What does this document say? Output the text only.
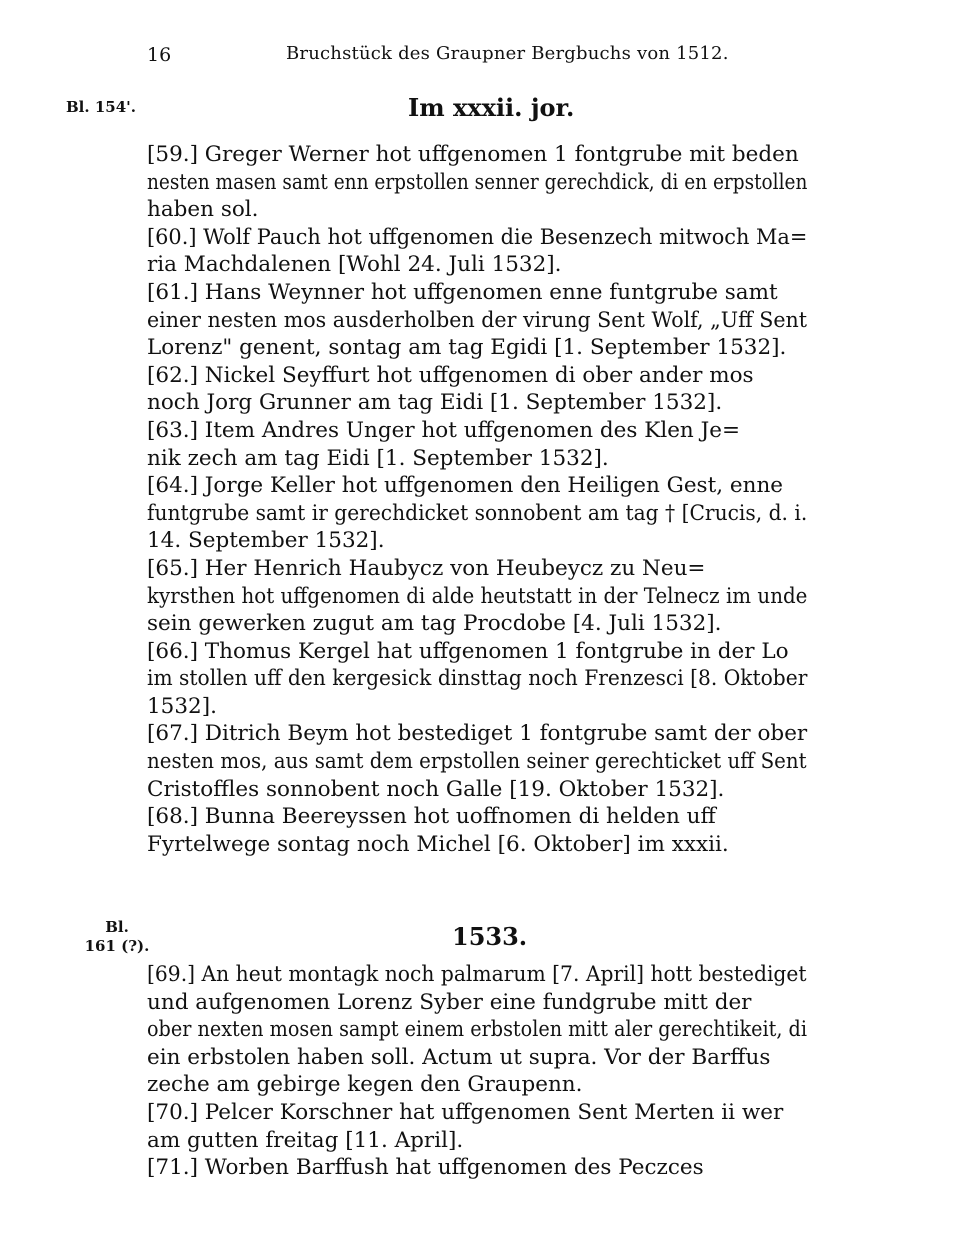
16	Bruchstück des Graupner Bergbuchs von 1512.
Bl. 154'.
Bl.
161 (?).
Im xxxii. jor.

[59.] Greger Werner hot uffgenomen 1 fontgrube mit beden
nesten masen samt enn erpstollen senner gerechdick, di en erpstollen
haben sol.

[60.] Wolf Pauch hot uffgenomen die Besenzech mitwoch Ma=
ria Machdalenen [Wohl 24. Juli 1532].

[61.] Hans Weynner hot uffgenomen enne funtgrube samt
einer nesten mos ausderholben der virung Sent Wolf, „Uff Sent
Lorenz" genent, sontag am tag Egidi [1. September 1532].

[62.] Nickel Seyffurt hot uffgenomen di ober ander mos
noch Jorg Grunner am tag Eidi [1. September 1532].

[63.] Item Andres Unger hot uffgenomen des Klen Je=
nik zech am tag Eidi [1. September 1532].

[64.] Jorge Keller hot uffgenomen den Heiligen Gest, enne
funtgrube samt ir gerechdicket sonnobent am tag † [Crucis, d. i.
14. September 1532].

[65.] Her Henrich Haubycz von Heubeycz zu Neu=
kyrsthen hot uffgenomen di alde heutstatt in der Telnecz im unde
sein gewerken zugut am tag Procdobe [4. Juli 1532].

[66.] Thomus Kergel hat uffgenomen 1 fontgrube in der Lo
im stollen uff den kergesick dinsttag noch Frenzesci [8. Oktober
1532].

[67.] Ditrich Beym hot bestediget 1 fontgrube samt der ober
nesten mos, aus samt dem erpstollen seiner gerechticket uff Sent
Cristoffles sonnobent noch Galle [19. Oktober 1532].

[68.] Bunna Beereyssen hot uoffnomen di helden uff
Fyrtelwege sontag noch Michel [6. Oktober] im xxxii.

1533.

[69.] An heut montagk noch palmarum [7. April] hott bestediget
und aufgenomen Lorenz Syber eine fundgrube mitt der
ober nexten mosen sampt einem erbstolen mitt aler gerechtikeit, di
ein erbstolen haben soll. Actum ut supra. Vor der Barffus
zeche am gebirge kegen den Graupenn.

[70.] Pelcer Korschner hat uffgenomen Sent Merten ii wer
am gutten freitag [11. April].

[71.] Worben Barffush hat uffgenomen des Peczces
